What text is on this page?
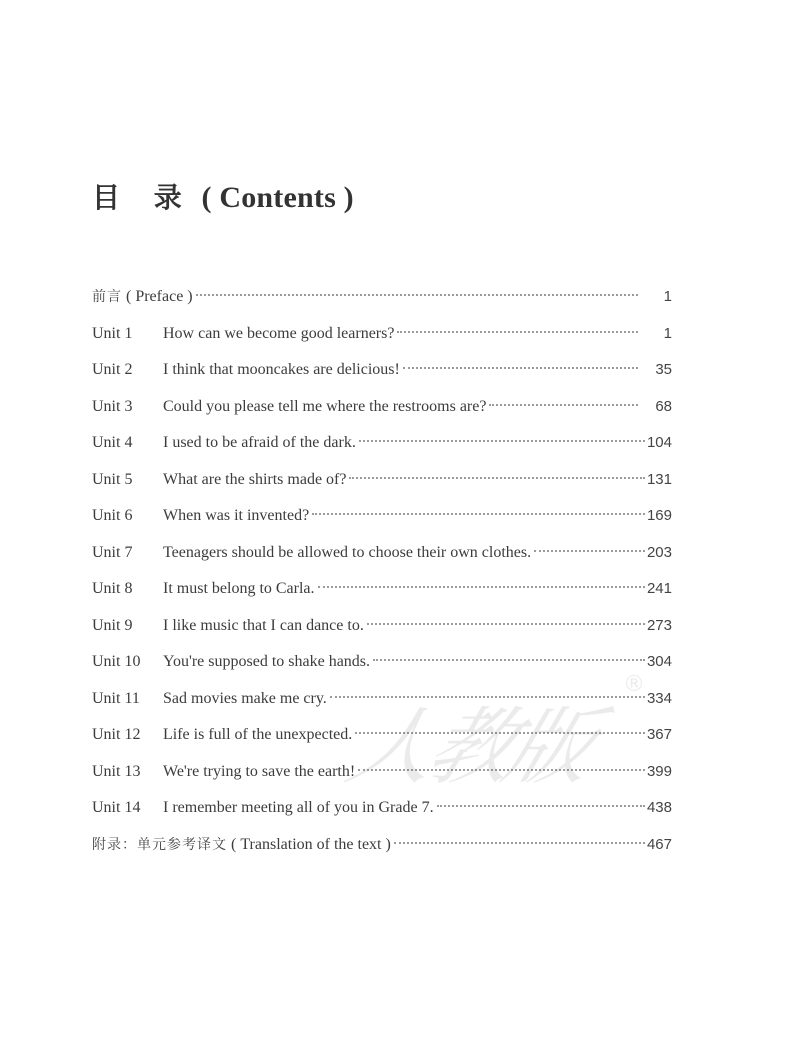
目 录 ( Contents )
前言 ( Preface )	1
Unit 1	How can we become good learners?	1
Unit 2	I think that mooncakes are delicious!	35
Unit 3	Could you please tell me where the restrooms are?	68
Unit 4	I used to be afraid of the dark.	104
Unit 5	What are the shirts made of?	131
Unit 6	When was it invented?	169
Unit 7	Teenagers should be allowed to choose their own clothes.	203
Unit 8	It must belong to Carla.	241
Unit 9	I like music that I can dance to.	273
Unit 10	You're supposed to shake hands.	304
Unit 11	Sad movies make me cry.	334
Unit 12	Life is full of the unexpected.	367
Unit 13	We're trying to save the earth!	399
Unit 14	I remember meeting all of you in Grade 7.	438
附录：单元参考译文 ( Translation of the text )	467
人教版
®
